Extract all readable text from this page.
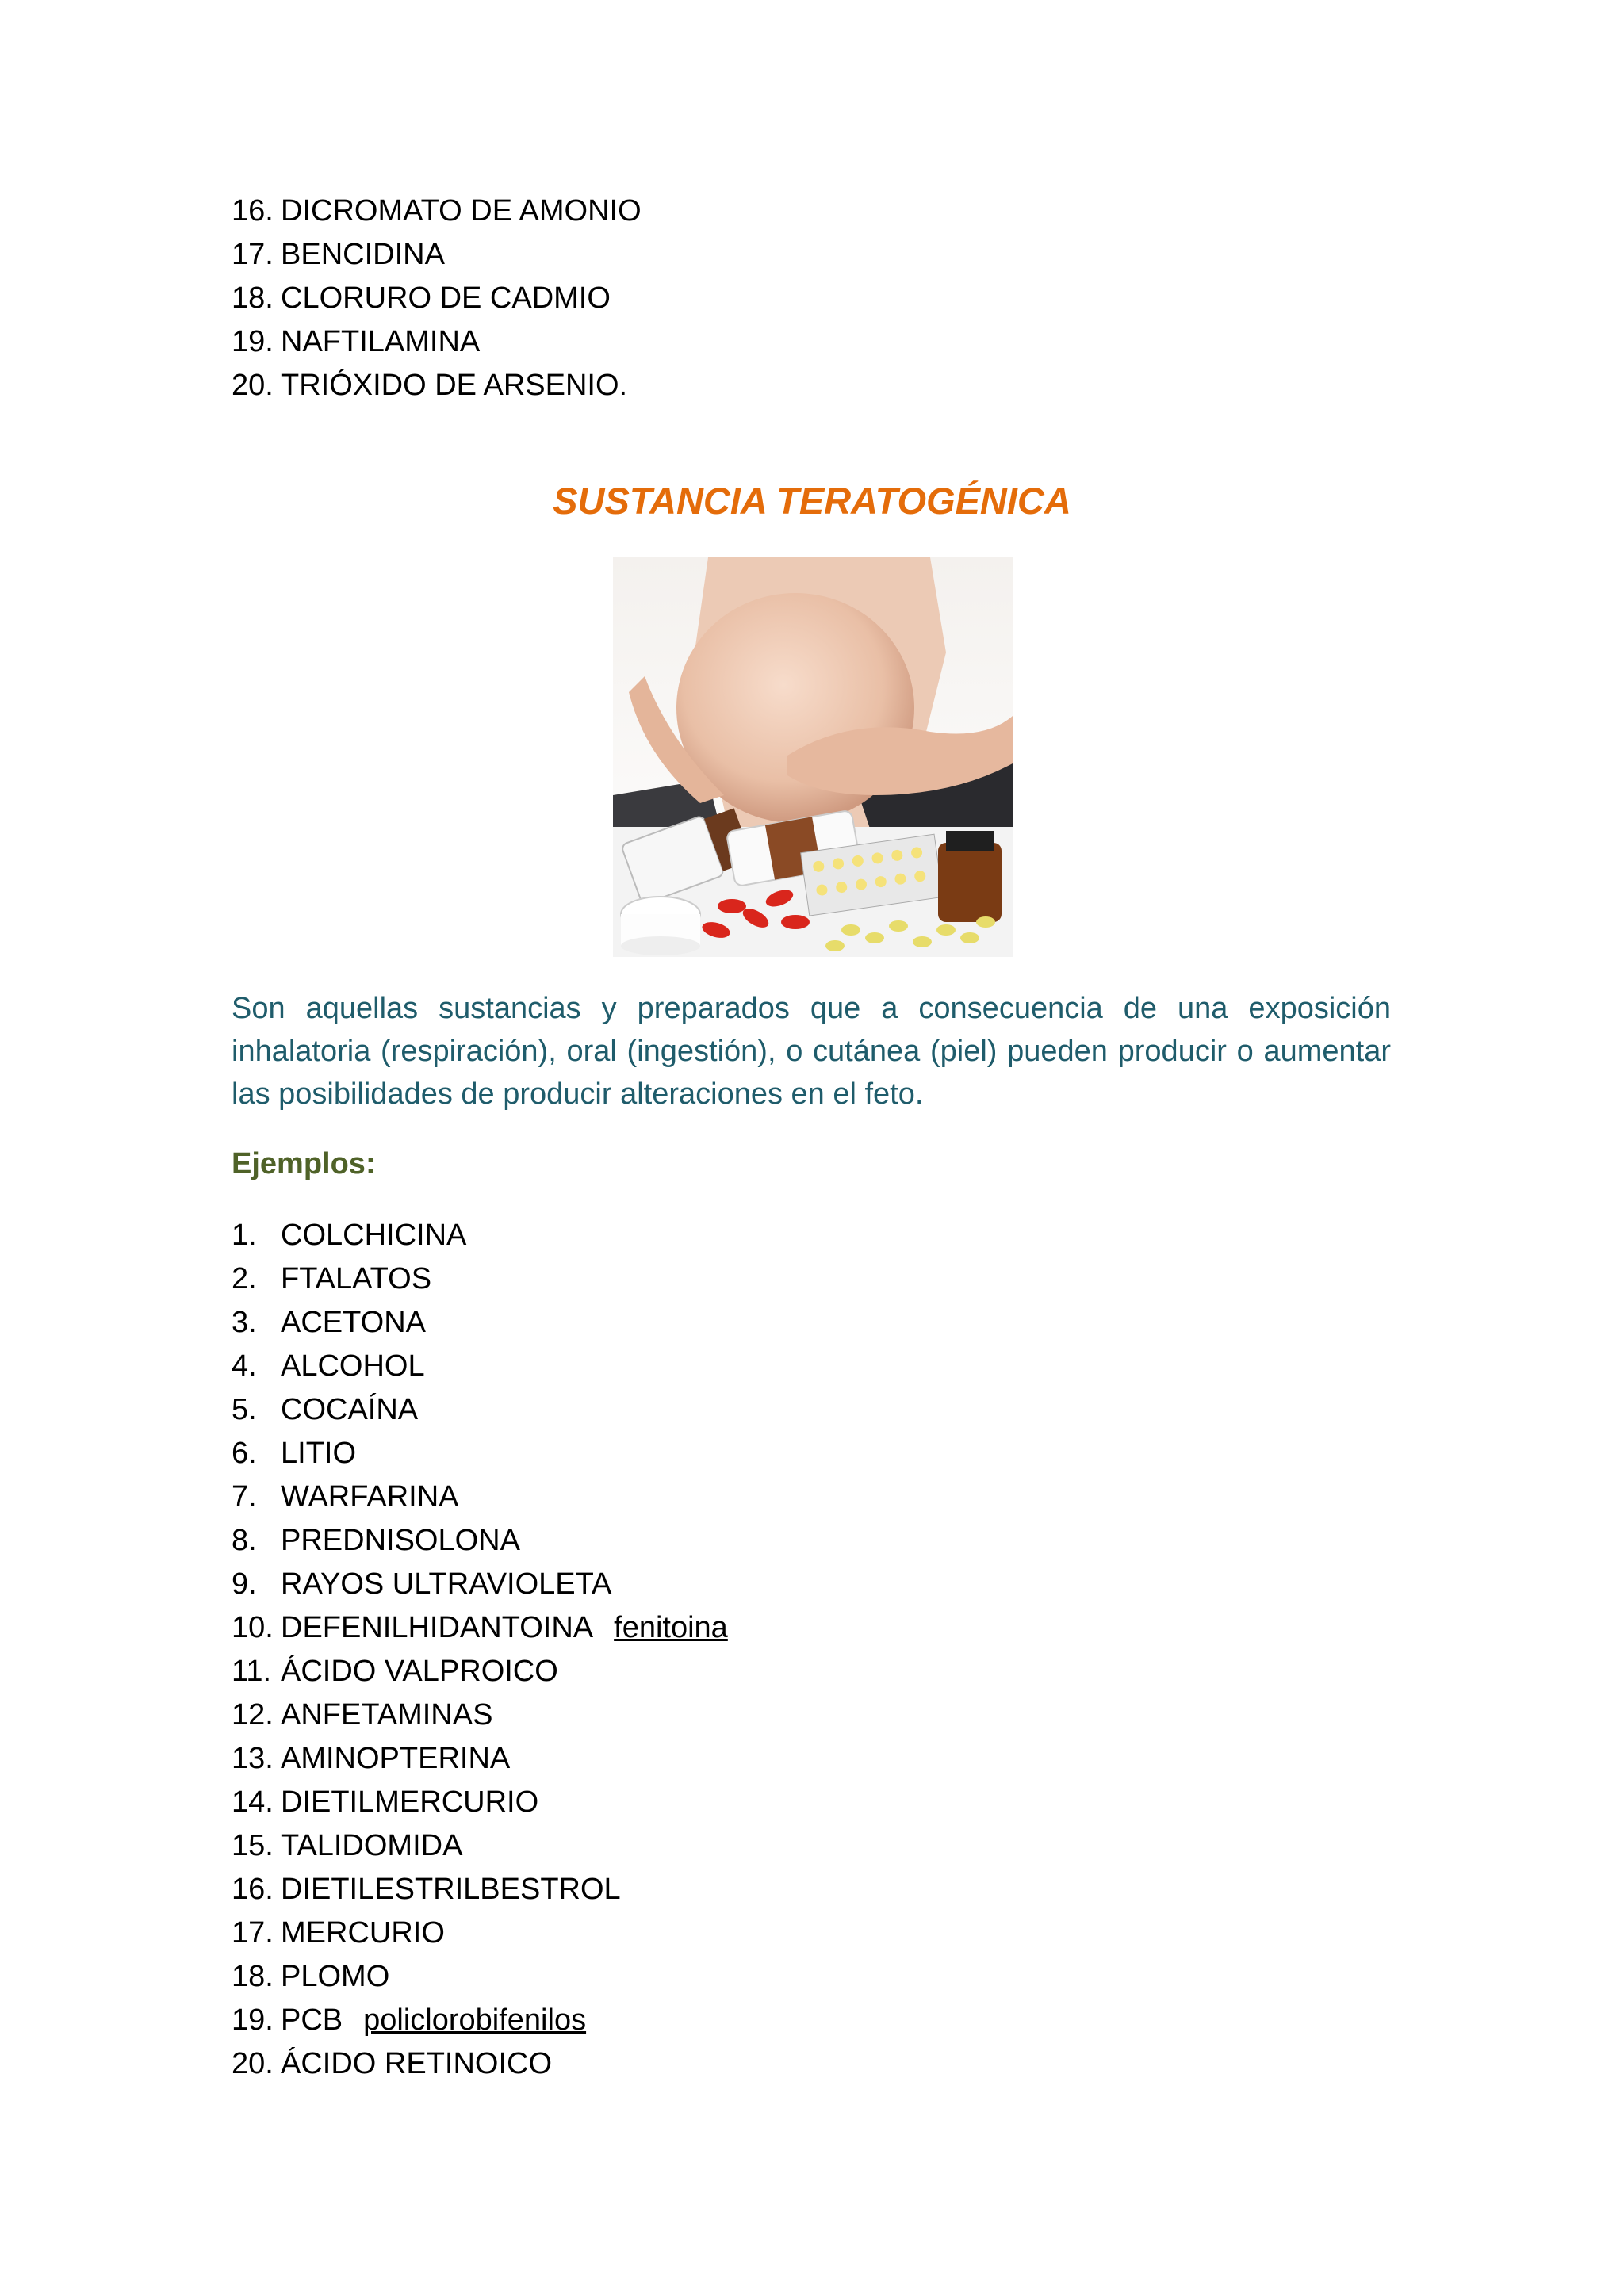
16. DICROMATO DE AMONIO
17. BENCIDINA
18. CLORURO DE CADMIO
19. NAFTILAMINA
20. TRIÓXIDO DE ARSENIO.
SUSTANCIA TERATOGÉNICA

Son aquellas sustancias y preparados que a consecuencia de una exposición inhalatoria (respiración), oral (ingestión), o cutánea (piel) pueden producir o aumentar las posibilidades de producir alteraciones en el feto.

Ejemplos:

1. COLCHICINA
2. FTALATOS
3. ACETONA
4. ALCOHOL
5. COCAÍNA
6. LITIO
7. WARFARINA
8. PREDNISOLONA
9. RAYOS ULTRAVIOLETA
10. DEFENILHIDANTOINA fenitoina
11. ÁCIDO VALPROICO
12. ANFETAMINAS
13. AMINOPTERINA
14. DIETILMERCURIO
15. TALIDOMIDA
16. DIETILESTRILBESTROL
17. MERCURIO
18. PLOMO
19. PCB policlorobifenilos
20. ÁCIDO RETINOICO
